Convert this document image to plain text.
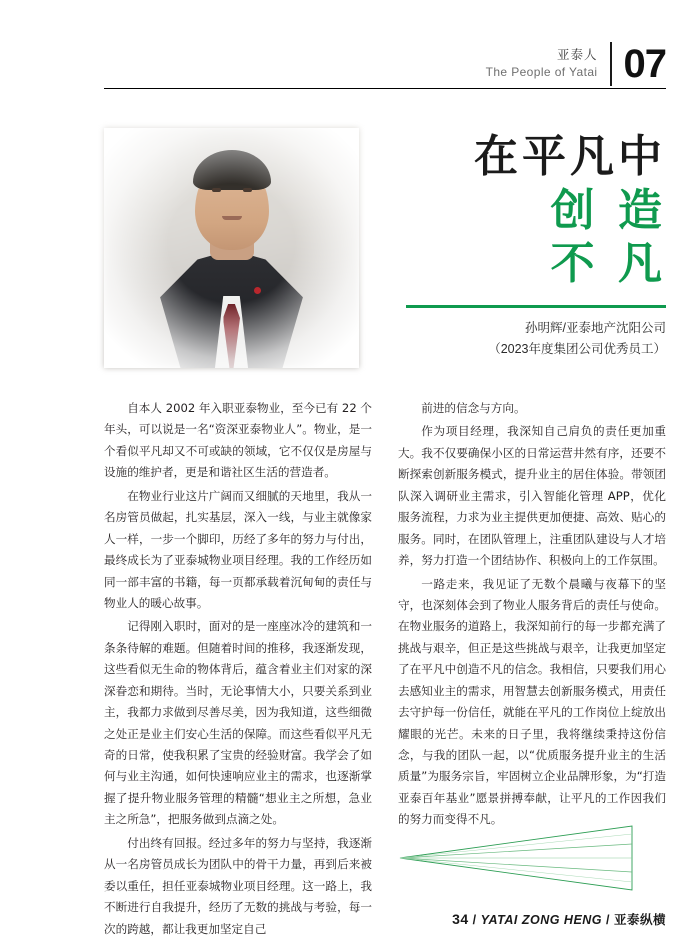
亚泰人
The People of Yatai 07
在平凡中
创 造
不 凡
孙明辉/亚泰地产沈阳公司
（2023年度集团公司优秀员工）

自本人 2002 年入职亚泰物业，至今已有 22 个年头，可以说是一名“资深亚泰物业人”。物业，是一个看似平凡却又不可或缺的领域，它不仅仅是房屋与设施的维护者，更是和谐社区生活的营造者。

在物业行业这片广阔而又细腻的天地里，我从一名房管员做起，扎实基层，深入一线，与业主就像家人一样，一步一个脚印，历经了多年的努力与付出，最终成长为了亚泰城物业项目经理。我的工作经历如同一部丰富的书籍，每一页都承载着沉甸甸的责任与物业人的暖心故事。

记得刚入职时，面对的是一座座冰冷的建筑和一条条待解的难题。但随着时间的推移，我逐渐发现，这些看似无生命的物体背后，蕴含着业主们对家的深深眷恋和期待。当时，无论事情大小，只要关系到业主，我都力求做到尽善尽美，因为我知道，这些细微之处正是业主们安心生活的保障。而这些看似平凡无奇的日常，使我积累了宝贵的经验财富。我学会了如何与业主沟通，如何快速响应业主的需求，也逐渐掌握了提升物业服务管理的精髓“想业主之所想，急业主之所急”，把服务做到点滴之处。

付出终有回报。经过多年的努力与坚持，我逐渐从一名房管员成长为团队中的骨干力量，再到后来被委以重任，担任亚泰城物业项目经理。这一路上，我不断进行自我提升，经历了无数的挑战与考验，每一次的跨越，都让我更加坚定自己

前进的信念与方向。

作为项目经理，我深知自己肩负的责任更加重大。我不仅要确保小区的日常运营井然有序，还要不断探索创新服务模式，提升业主的居住体验。带领团队深入调研业主需求，引入智能化管理 APP，优化服务流程，力求为业主提供更加便捷、高效、贴心的服务。同时，在团队管理上，注重团队建设与人才培养，努力打造一个团结协作、积极向上的工作氛围。

一路走来，我见证了无数个晨曦与夜幕下的坚守，也深刻体会到了物业人服务背后的责任与使命。在物业服务的道路上，我深知前行的每一步都充满了挑战与艰辛，但正是这些挑战与艰辛，让我更加坚定了在平凡中创造不凡的信念。我相信，只要我们用心去感知业主的需求，用智慧去创新服务模式，用责任去守护每一份信任，就能在平凡的工作岗位上绽放出耀眼的光芒。未来的日子里，我将继续秉持这份信念，与我的团队一起，以“优质服务提升业主的生活质量”为服务宗旨，牢固树立企业品牌形象，为“打造亚泰百年基业”愿景拼搏奉献，让平凡的工作因我们的努力而变得不凡。

34 / YATAI ZONG HENG / 亚泰纵横
